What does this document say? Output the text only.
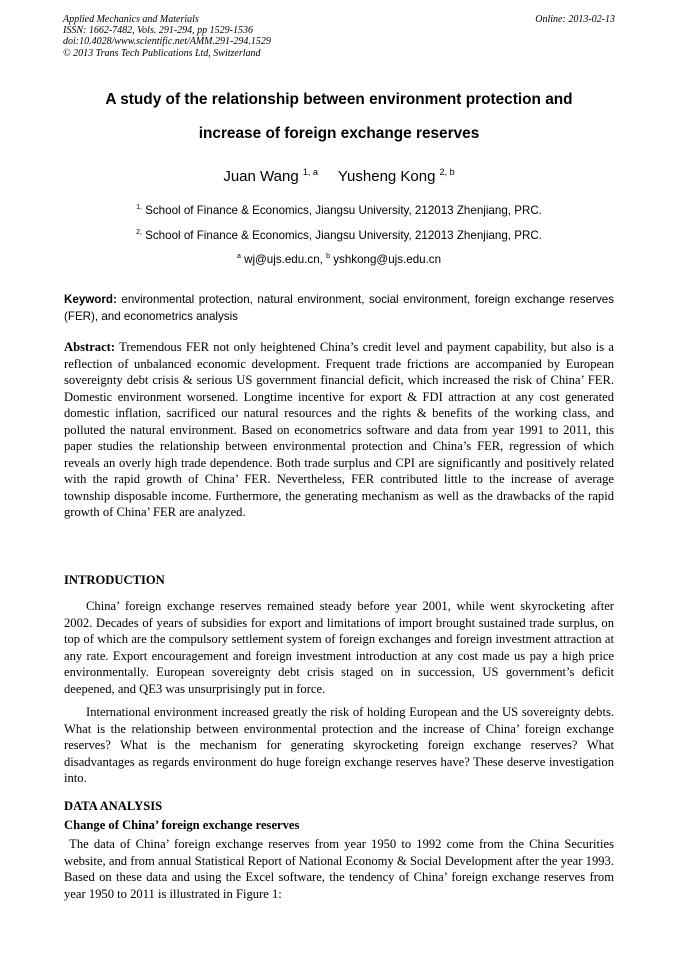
Applied Mechanics and Materials
ISSN: 1662-7482, Vols. 291-294, pp 1529-1536
doi:10.4028/www.scientific.net/AMM.291-294.1529
© 2013 Trans Tech Publications Ltd, Switzerland
Online: 2013-02-13
A study of the relationship between environment protection and
increase of foreign exchange reserves
Juan Wang $^{1, a}$ Yusheng Kong $^{2, b}$
$^{1,}$ School of Finance & Economics, Jiangsu University, 212013 Zhenjiang, PRC.
$^{2,}$ School of Finance & Economics, Jiangsu University, 212013 Zhenjiang, PRC.
$^a$ wj@ujs.edu.cn, $^b$ yshkong@ujs.edu.cn
Keyword: environmental protection, natural environment, social environment, foreign exchange reserves (FER), and econometrics analysis
Abstract: Tremendous FER not only heightened China’s credit level and payment capability, but also is a reflection of unbalanced economic development. Frequent trade frictions are accompanied by European sovereignty debt crisis & serious US government financial deficit, which increased the risk of China’ FER. Domestic environment worsened. Longtime incentive for export & FDI attraction at any cost generated domestic inflation, sacrificed our natural resources and the rights & benefits of the working class, and polluted the natural environment. Based on econometrics software and data from year 1991 to 2011, this paper studies the relationship between environmental protection and China’s FER, regression of which reveals an overly high trade dependence. Both trade surplus and CPI are significantly and positively related with the rapid growth of China’ FER. Nevertheless, FER contributed little to the increase of average township disposable income. Furthermore, the generating mechanism as well as the drawbacks of the rapid growth of China’ FER are analyzed.
INTRODUCTION
China’ foreign exchange reserves remained steady before year 2001, while went skyrocketing after 2002. Decades of years of subsidies for export and limitations of import brought sustained trade surplus, on top of which are the compulsory settlement system of foreign exchanges and foreign investment attraction at any rate. Export encouragement and foreign investment introduction at any cost made us pay a high price environmentally. European sovereignty debt crisis staged on in succession, US government’s deficit deepened, and QE3 was unsurprisingly put in force.
International environment increased greatly the risk of holding European and the US sovereignty debts. What is the relationship between environmental protection and the increase of China’ foreign exchange reserves? What is the mechanism for generating skyrocketing foreign exchange reserves? What disadvantages as regards environment do huge foreign exchange reserves have? These deserve investigation into.
DATA ANALYSIS
Change of China’ foreign exchange reserves
The data of China’ foreign exchange reserves from year 1950 to 1992 come from the China Securities website, and from annual Statistical Report of National Economy & Social Development after the year 1993. Based on these data and using the Excel software, the tendency of China’ foreign exchange reserves from year 1950 to 2011 is illustrated in Figure 1:
